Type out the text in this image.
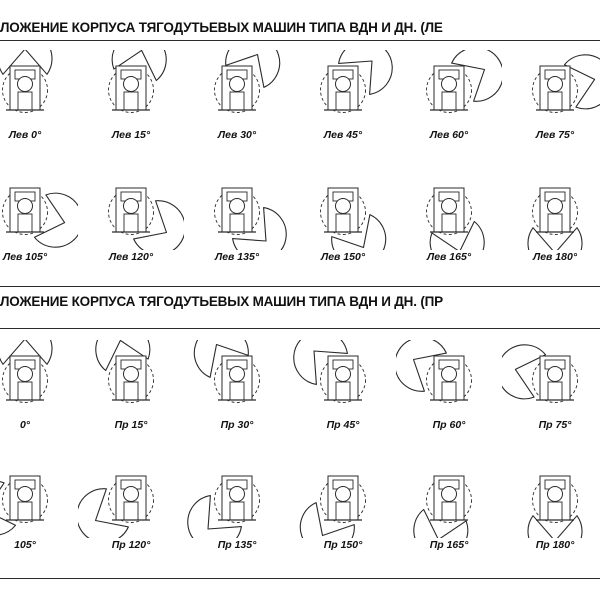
ЛОЖЕНИЕ КОРПУСА ТЯГОДУТЬЕВЫХ МАШИН ТИПА ВДН И ДН. (ЛЕ
Лев 0°	Лев 15°	Лев 30°	Лев 45°	Лев 60°	Лев 75°
Лев 105°	Лев 120°	Лев 135°	Лев 150°	Лев 165°	Лев 180°
ЛОЖЕНИЕ КОРПУСА ТЯГОДУТЬЕВЫХ МАШИН ТИПА ВДН И ДН. (ПР
0°	Пр 15°	Пр 30°	Пр 45°	Пр 60°	Пр 75°
105°	Пр 120°	Пр 135°	Пр 150°	Пр 165°	Пр 180°
